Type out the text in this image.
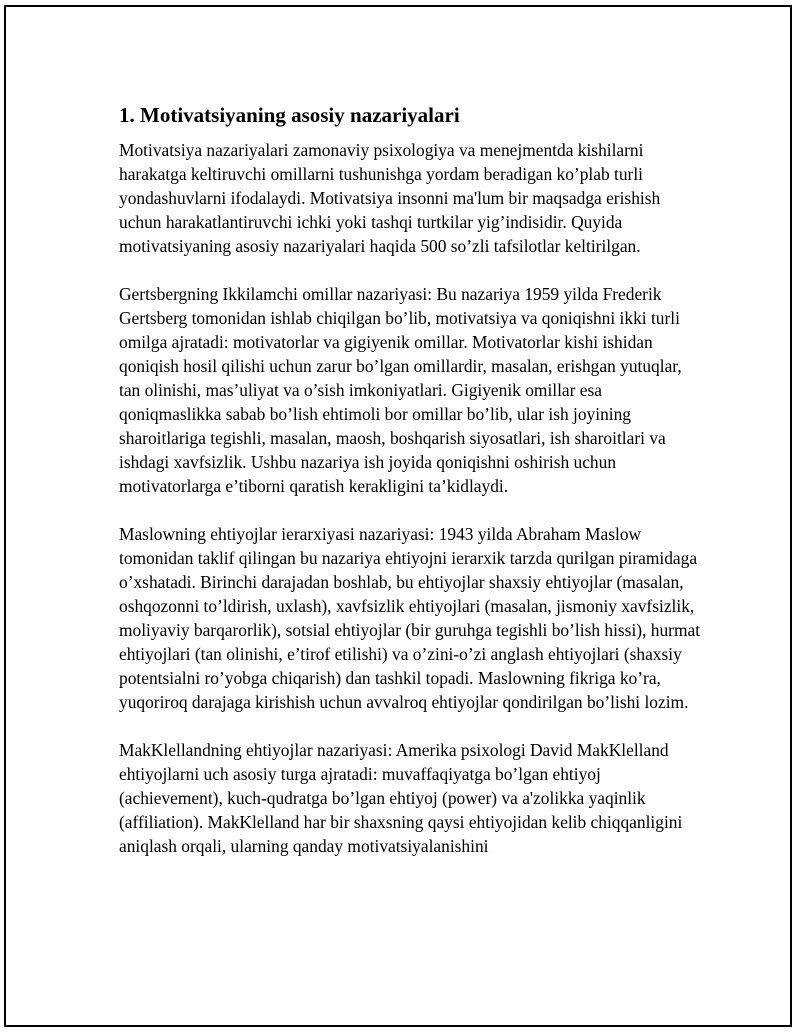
1. Motivatsiyaning asosiy nazariyalari

Motivatsiya nazariyalari zamonaviy psixologiya va menejmentda kishilarni harakatga keltiruvchi omillarni tushunishga yordam beradigan ko’plab turli yondashuvlarni ifodalaydi. Motivatsiya insonni ma'lum bir maqsadga erishish uchun harakatlantiruvchi ichki yoki tashqi turtkilar yig’indisidir. Quyida motivatsiyaning asosiy nazariyalari haqida 500 so’zli tafsilotlar keltirilgan.

Gertsbergning Ikkilamchi omillar nazariyasi: Bu nazariya 1959 yilda Frederik Gertsberg tomonidan ishlab chiqilgan bo’lib, motivatsiya va qoniqishni ikki turli omilga ajratadi: motivatorlar va gigiyenik omillar. Motivatorlar kishi ishidan qoniqish hosil qilishi uchun zarur bo’lgan omillardir, masalan, erishgan yutuqlar, tan olinishi, mas’uliyat va o’sish imkoniyatlari. Gigiyenik omillar esa qoniqmaslikka sabab bo’lish ehtimoli bor omillar bo’lib, ular ish joyining sharoitlariga tegishli, masalan, maosh, boshqarish siyosatlari, ish sharoitlari va ishdagi xavfsizlik. Ushbu nazariya ish joyida qoniqishni oshirish uchun motivatorlarga e’tiborni qaratish kerakligini ta’kidlaydi.

Maslowning ehtiyojlar ierarxiyasi nazariyasi: 1943 yilda Abraham Maslow tomonidan taklif qilingan bu nazariya ehtiyojni ierarxik tarzda qurilgan piramidaga o’xshatadi. Birinchi darajadan boshlab, bu ehtiyojlar shaxsiy ehtiyojlar (masalan, oshqozonni to’ldirish, uxlash), xavfsizlik ehtiyojlari (masalan, jismoniy xavfsizlik, moliyaviy barqarorlik), sotsial ehtiyojlar (bir guruhga tegishli bo’lish hissi), hurmat ehtiyojlari (tan olinishi, e’tirof etilishi) va o’zini-o’zi anglash ehtiyojlari (shaxsiy potentsialni ro’yobga chiqarish) dan tashkil topadi. Maslowning fikriga ko’ra, yuqoriroq darajaga kirishish uchun avvalroq ehtiyojlar qondirilgan bo’lishi lozim.

MakKlellandning ehtiyojlar nazariyasi: Amerika psixologi David MakKlelland ehtiyojlarni uch asosiy turga ajratadi: muvaffaqiyatga bo’lgan ehtiyoj (achievement), kuch-qudratga bo’lgan ehtiyoj (power) va a'zolikka yaqinlik (affiliation). MakKlelland har bir shaxsning qaysi ehtiyojidan kelib chiqqanligini aniqlash orqali, ularning qanday motivatsiyalanishini
